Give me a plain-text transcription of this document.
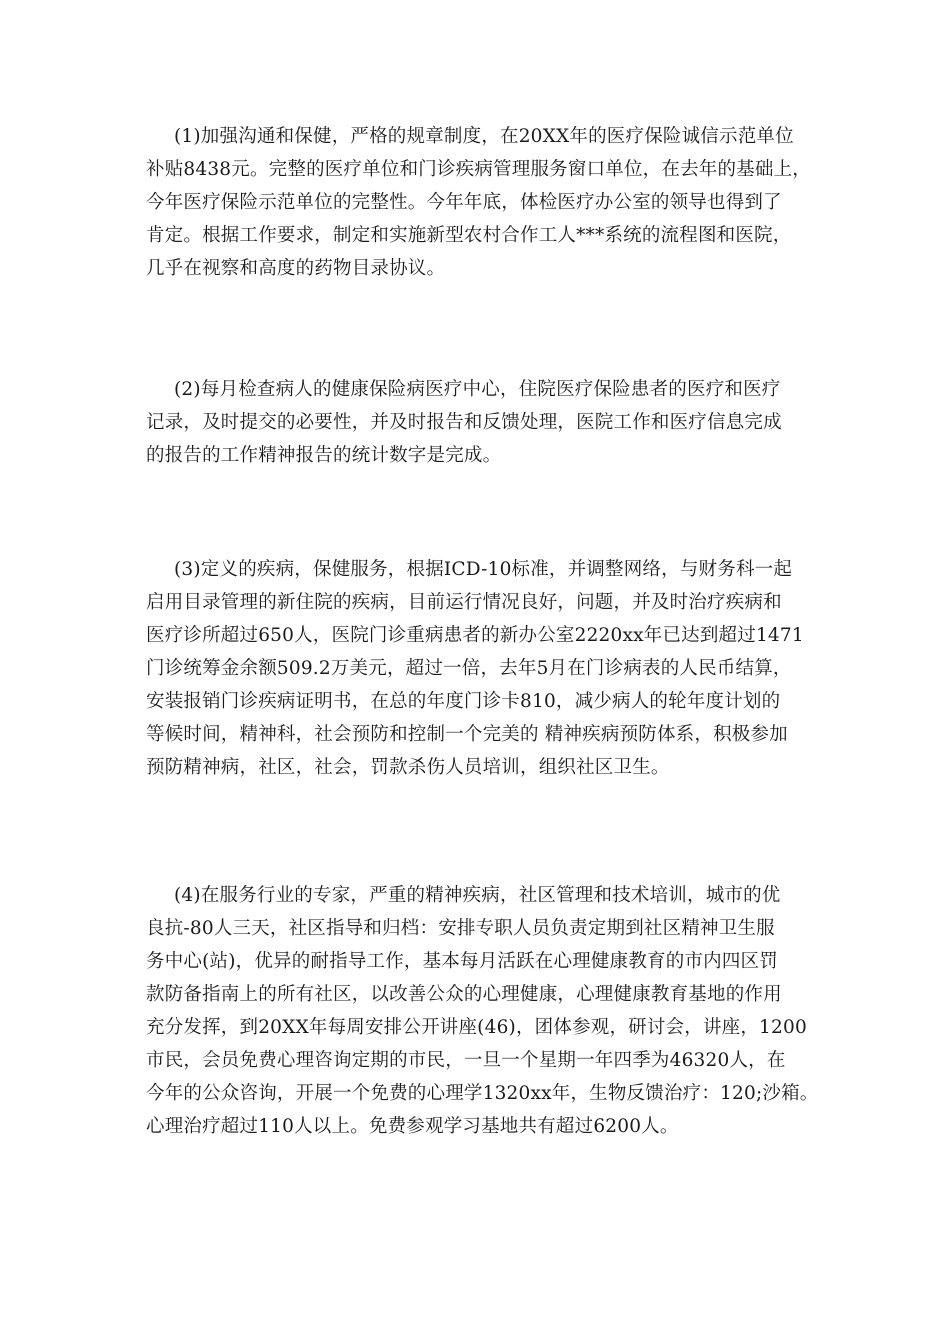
(1)加强沟通和保健，严格的规章制度，在20XX年的医疗保险诚信示范单位
补贴8438元。完整的医疗单位和门诊疾病管理服务窗口单位，在去年的基础上，
今年医疗保险示范单位的完整性。今年年底，体检医疗办公室的领导也得到了
肯定。根据工作要求，制定和实施新型农村合作工人***系统的流程图和医院，
几乎在视察和高度的药物目录协议。
(2)每月检查病人的健康保险病医疗中心，住院医疗保险患者的医疗和医疗
记录，及时提交的必要性，并及时报告和反馈处理，医院工作和医疗信息完成
的报告的工作精神报告的统计数字是完成。
(3)定义的疾病，保健服务，根据ICD-10标准，并调整网络，与财务科一起
启用目录管理的新住院的疾病，目前运行情况良好，问题，并及时治疗疾病和
医疗诊所超过650人，医院门诊重病患者的新办公室2220xx年已达到超过1471
门诊统筹金余额509.2万美元，超过一倍，去年5月在门诊病表的人民币结算，
安装报销门诊疾病证明书，在总的年度门诊卡810，减少病人的轮年度计划的
等候时间，精神科，社会预防和控制一个完美的 精神疾病预防体系，积极参加
预防精神病，社区，社会，罚款杀伤人员培训，组织社区卫生。
(4)在服务行业的专家，严重的精神疾病，社区管理和技术培训，城市的优
良抗-80人三天，社区指导和归档：安排专职人员负责定期到社区精神卫生服
务中心(站)，优异的耐指导工作，基本每月活跃在心理健康教育的市内四区罚
款防备指南上的所有社区，以改善公众的心理健康，心理健康教育基地的作用
充分发挥，到20XX年每周安排公开讲座(46)，团体参观，研讨会，讲座，1200
市民，会员免费心理咨询定期的市民，一旦一个星期一年四季为46320人，在
今年的公众咨询，开展一个免费的心理学1320xx年，生物反馈治疗：120;沙箱。
心理治疗超过110人以上。免费参观学习基地共有超过6200人。
